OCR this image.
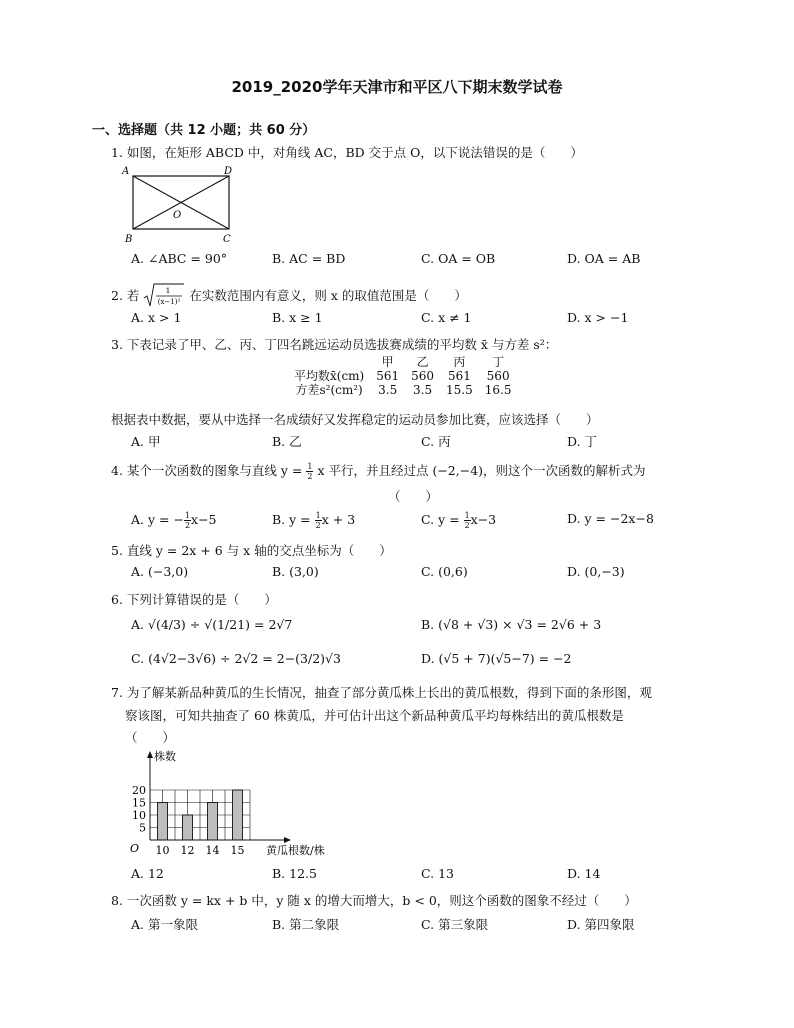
2019_2020学年天津市和平区八下期末数学试卷
一、选择题（共 12 小题；共 60 分）
1. 如图，在矩形 ABCD 中，对角线 AC，BD 交于点 O，以下说法错误的是（　　）
A	D
O
B	C
A. ∠ABC = 90°	B. AC = BD	C. OA = OB	D. OA = AB
2. 若	1
(x−1)² 在实数范围内有意义，则 x 的取值范围是（　　）
A. x > 1	B. x ≥ 1	C. x ≠ 1	D. x > −1
3. 下表记录了甲、乙、丙、丁四名跳远运动员选拔赛成绩的平均数 x̄ 与方差 s²：
	甲	乙	丙	丁
平均数x̄(cm)	561	560	561	560
方差s²(cm²)	3.5	3.5	15.5	16.5
根据表中数据，要从中选择一名成绩好又发挥稳定的运动员参加比赛，应该选择（　　）
A. 甲	B. 乙	C. 丙	D. 丁
4. 某个一次函数的图象与直线 $y = \frac{1}{2}$ x 平行，并且经过点 (−2,−4)，则这个一次函数的解析式为
（　　）
A. y = − $\frac{1}{2} x-5$	B. $y = \frac{1}{2}$ x + 3	C. $y = \frac{1}{2} x-3$	D. y = −2x−8
5. 直线 y = 2x + 6 与 x 轴的交点坐标为（　　）
A. (−3,0)	B. (3,0)	C. (0,6)	D. (0,−3)
6. 下列计算错误的是（　　）
A. √(4/3) ÷ √(1/21) = 2√7	B. (√8 + √3) × √3 = 2√6 + 3
C. (4√2−3√6) ÷ 2√2 = 2−(3/2)√3	D. (√5 + 7)(√5−7) = −2
7. 为了解某新品种黄瓜的生长情况，抽查了部分黄瓜株上长出的黄瓜根数，得到下面的条形图，观
察该图，可知共抽查了 60 株黄瓜，并可估计出这个新品种黄瓜平均每株结出的黄瓜根数是
（　　）
10 12 14 15
5
10
15
20
株数
黄瓜根数/株
O
A. 12	B. 12.5	C. 13	D. 14
8. 一次函数 y = kx + b 中，y 随 x 的增大而增大，b < 0，则这个函数的图象不经过（　　）
A. 第一象限	B. 第二象限	C. 第三象限	D. 第四象限
